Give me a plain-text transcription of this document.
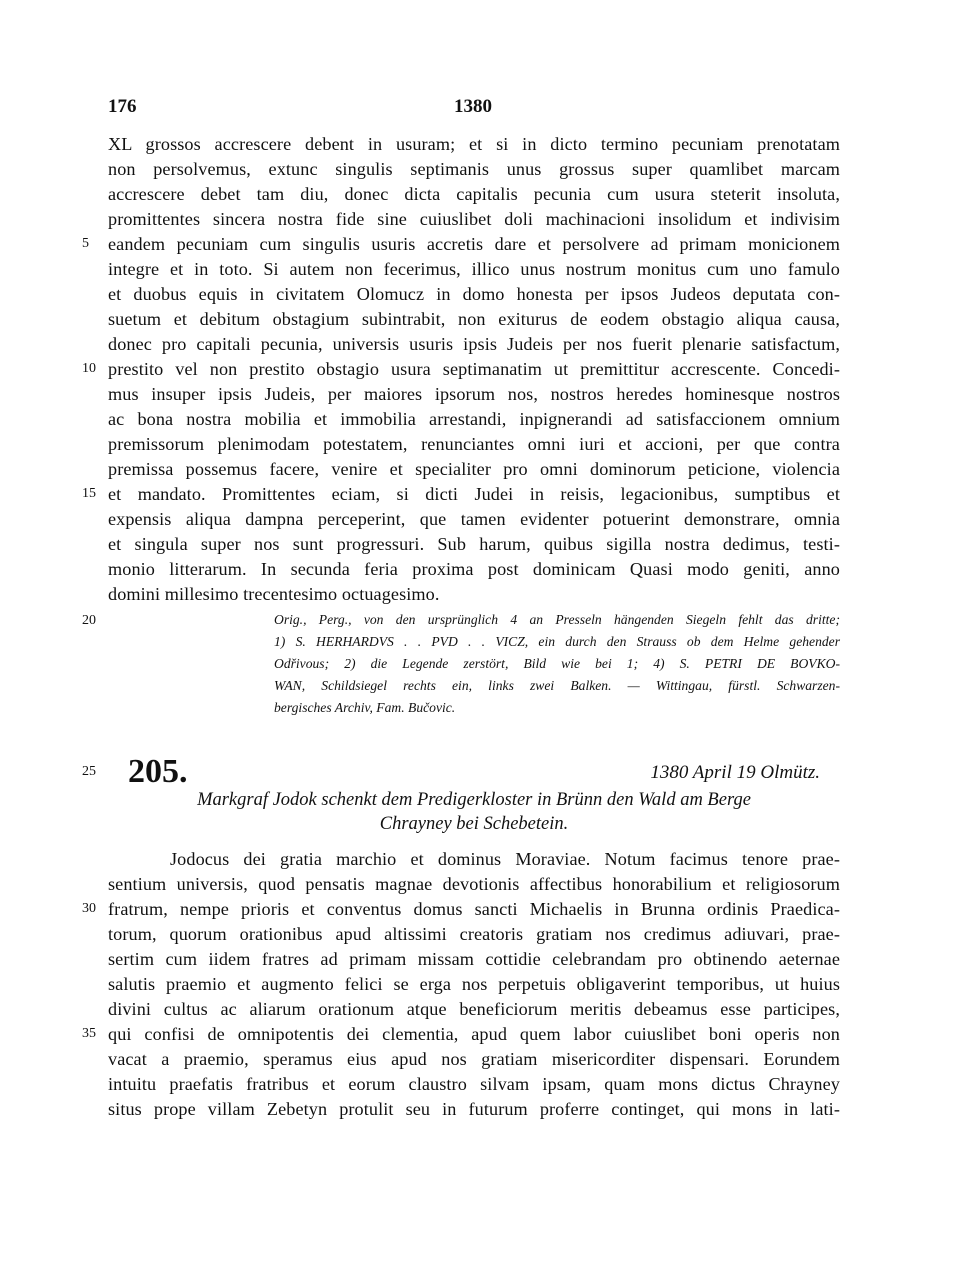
176	1380
XL grossos accrescere debent in usuram; et si in dicto termino pecuniam prenotatam
non persolvemus, extunc singulis septimanis unus grossus super quamlibet marcam
accrescere debet tam diu, donec dicta capitalis pecunia cum usura steterit insoluta,
promittentes sincera nostra fide sine cuiuslibet doli machinacioni insolidum et indivisim
eandem pecuniam cum singulis usuris accretis dare et persolvere ad primam monicionem
integre et in toto. Si autem non fecerimus, illico unus nostrum monitus cum uno famulo
et duobus equis in civitatem Olomucz in domo honesta per ipsos Judeos deputata con-
suetum et debitum obstagium subintrabit, non exiturus de eodem obstagio aliqua causa,
donec pro capitali pecunia, universis usuris ipsis Judeis per nos fuerit plenarie satisfactum,
prestito vel non prestito obstagio usura septimanatim ut premittitur accrescente. Concedi-
mus insuper ipsis Judeis, per maiores ipsorum nos, nostros heredes hominesque nostros
ac bona nostra mobilia et immobilia arrestandi, inpignerandi ad satisfaccionem omnium
premissorum plenimodam potestatem, renunciantes omni iuri et accioni, per que contra
premissa possemus facere, venire et specialiter pro omni dominorum peticione, violencia
et mandato. Promittentes eciam, si dicti Judei in reisis, legacionibus, sumptibus et
expensis aliqua dampna perceperint, que tamen evidenter potuerint demonstrare, omnia
et singula super nos sunt progressuri. Sub harum, quibus sigilla nostra dedimus, testi-
monio litterarum. In secunda feria proxima post dominicam Quasi modo geniti, anno
domini millesimo trecentesimo octuagesimo.
5
10
15
20	Orig., Perg., von den ursprünglich 4 an Presseln hängenden Siegeln fehlt das dritte;
1) S. HERHARDVS . . PVD . . VICZ, ein durch den Strauss ob dem Helme gehender
Odřivous; 2) die Legende zerstört, Bild wie bei 1; 4) S. PETRI DE BOVKO-
WAN, Schildsiegel rechts ein, links zwei Balken. — Wittingau, fürstl. Schwarzen-
bergisches Archiv, Fam. Bučovic.
25 205.	1380 April 19 Olmütz.
Markgraf Jodok schenkt dem Predigerkloster in Brünn den Wald am Berge
Chrayney bei Schebetein.
Jodocus dei gratia marchio et dominus Moraviae. Notum facimus tenore prae-
sentium universis, quod pensatis magnae devotionis affectibus honorabilium et religiosorum
fratrum, nempe prioris et conventus domus sancti Michaelis in Brunna ordinis Praedica-
torum, quorum orationibus apud altissimi creatoris gratiam nos credimus adiuvari, prae-
sertim cum iidem fratres ad primam missam cottidie celebrandam pro obtinendo aeternae
salutis praemio et augmento felici se erga nos perpetuis obligaverint temporibus, ut huius
divini cultus ac aliarum orationum atque beneficiorum meritis debeamus esse participes,
qui confisi de omnipotentis dei clementia, apud quem labor cuiuslibet boni operis non
vacat a praemio, speramus eius apud nos gratiam misericorditer dispensari. Eorundem
intuitu praefatis fratribus et eorum claustro silvam ipsam, quam mons dictus Chrayney
situs prope villam Zebetyn protulit seu in futurum proferre continget, qui mons in lati-
30
35
